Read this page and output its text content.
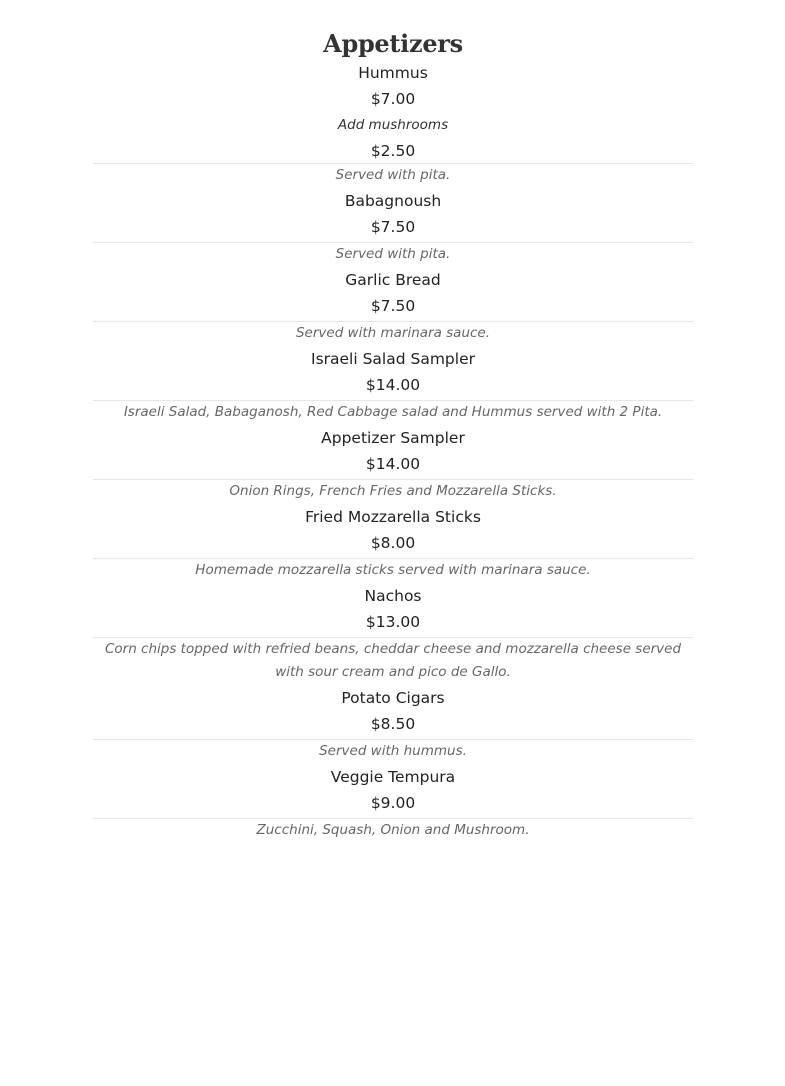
Appetizers
Hummus
$7.00
Add mushrooms
$2.50
Served with pita.
Babagnoush
$7.50
Served with pita.
Garlic Bread
$7.50
Served with marinara sauce.
Israeli Salad Sampler
$14.00
Israeli Salad, Babaganosh, Red Cabbage salad and Hummus served with 2 Pita.
Appetizer Sampler
$14.00
Onion Rings, French Fries and Mozzarella Sticks.
Fried Mozzarella Sticks
$8.00
Homemade mozzarella sticks served with marinara sauce.
Nachos
$13.00
Corn chips topped with refried beans, cheddar cheese and mozzarella cheese served with sour cream and pico de Gallo.
Potato Cigars
$8.50
Served with hummus.
Veggie Tempura
$9.00
Zucchini, Squash, Onion and Mushroom.
